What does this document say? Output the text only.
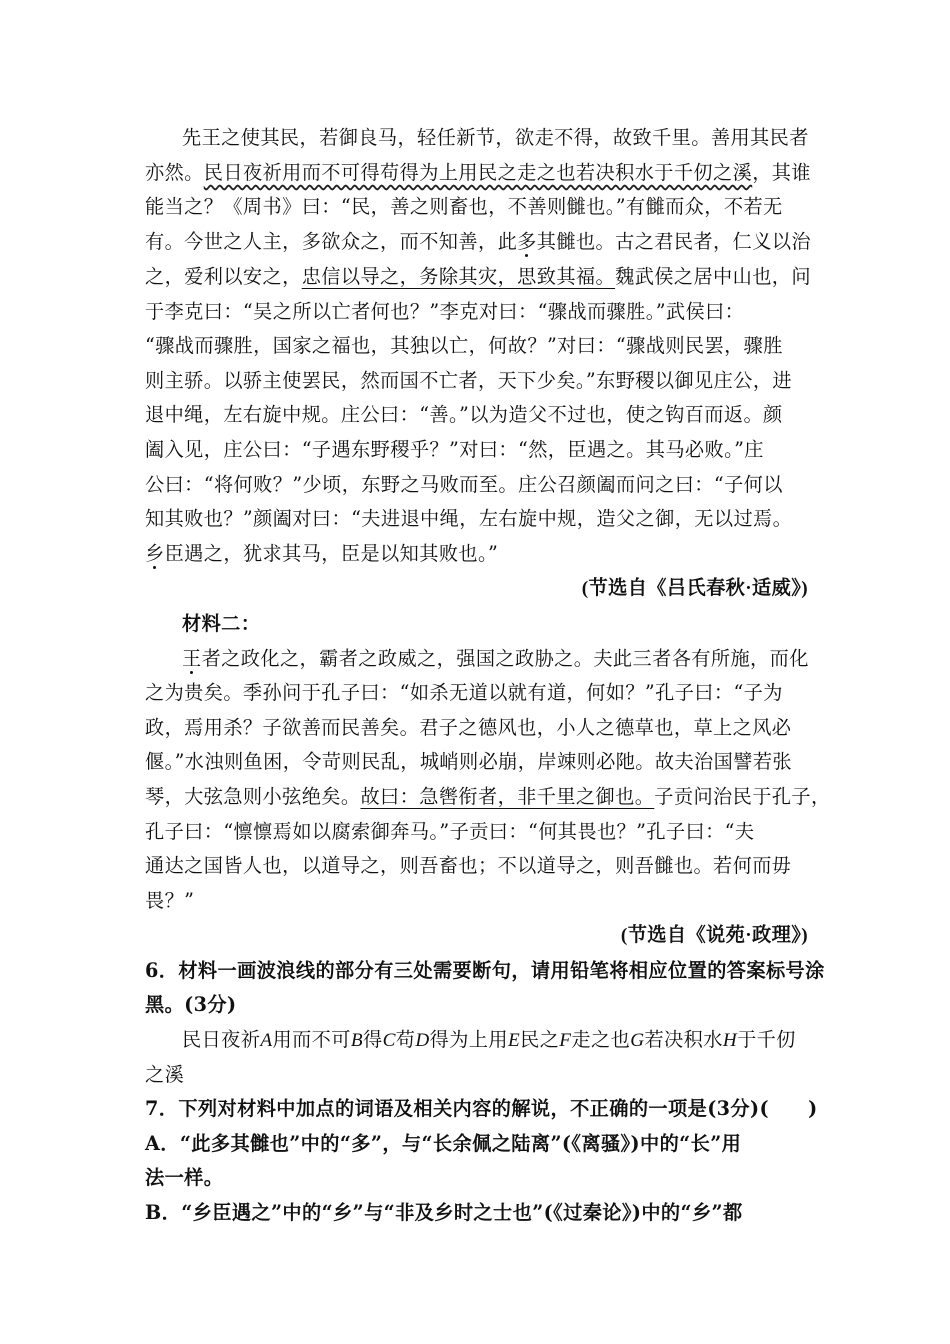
先王之使其民，若御良马，轻任新节，欲走不得，故致千里。善用其民者
亦然。民日夜祈用而不可得苟得为上用民之走之也若决积水于千仞之溪，其谁
能当之？《周书》曰：“民，善之则畜也，不善则雠也。”有雠而众，不若无
有。今世之人主，多欲众之，而不知善，此多其雠也。古之君民者，仁义以治
之，爱利以安之，忠信以导之，务除其灾，思致其福。魏武侯之居中山也，问
于李克曰：“吴之所以亡者何也？”李克对曰：“骤战而骤胜。”武侯曰：
“骤战而骤胜，国家之福也，其独以亡，何故？”对曰：“骤战则民罢，骤胜
则主骄。以骄主使罢民，然而国不亡者，天下少矣。”东野稷以御见庄公，进
退中绳，左右旋中规。庄公曰：“善。”以为造父不过也，使之钩百而返。颜
阖入见，庄公曰：“子遇东野稷乎？”对曰：“然，臣遇之。其马必败。”庄
公曰：“将何败？”少顷，东野之马败而至。庄公召颜阖而问之曰：“子何以
知其败也？”颜阖对曰：“夫进退中绳，左右旋中规，造父之御，无以过焉。
乡臣遇之，犹求其马，臣是以知其败也。”
(节选自《吕氏春秋·适威》)
材料二：
王者之政化之，霸者之政威之，强国之政胁之。夫此三者各有所施，而化
之为贵矣。季孙问于孔子曰：“如杀无道以就有道，何如？”孔子曰：“子为
政，焉用杀？子欲善而民善矣。君子之德风也，小人之德草也，草上之风必
偃。”水浊则鱼困，令苛则民乱，城峭则必崩，岸竦则必阤。故夫治国譬若张
琴，大弦急则小弦绝矣。故曰：急辔衔者，非千里之御也。子贡问治民于孔子，
孔子曰：“懔懔焉如以腐索御奔马。”子贡曰：“何其畏也？”孔子曰：“夫
通达之国皆人也，以道导之，则吾畜也；不以道导之，则吾雠也。若何而毋
畏？”
(节选自《说苑·政理》)
6．材料一画波浪线的部分有三处需要断句，请用铅笔将相应位置的答案标号涂
黑。(3分)
民日夜祈A用而不可B得C苟D得为上用E民之F走之也G若决积水H于千仞
之溪
7．下列对材料中加点的词语及相关内容的解说，不正确的一项是(3分)(　　)
A．“此多其雠也”中的“多”，与“长余佩之陆离”(《离骚》)中的“长”用
法一样。
B．“乡臣遇之”中的“乡”与“非及乡时之士也”(《过秦论》)中的“乡”都
